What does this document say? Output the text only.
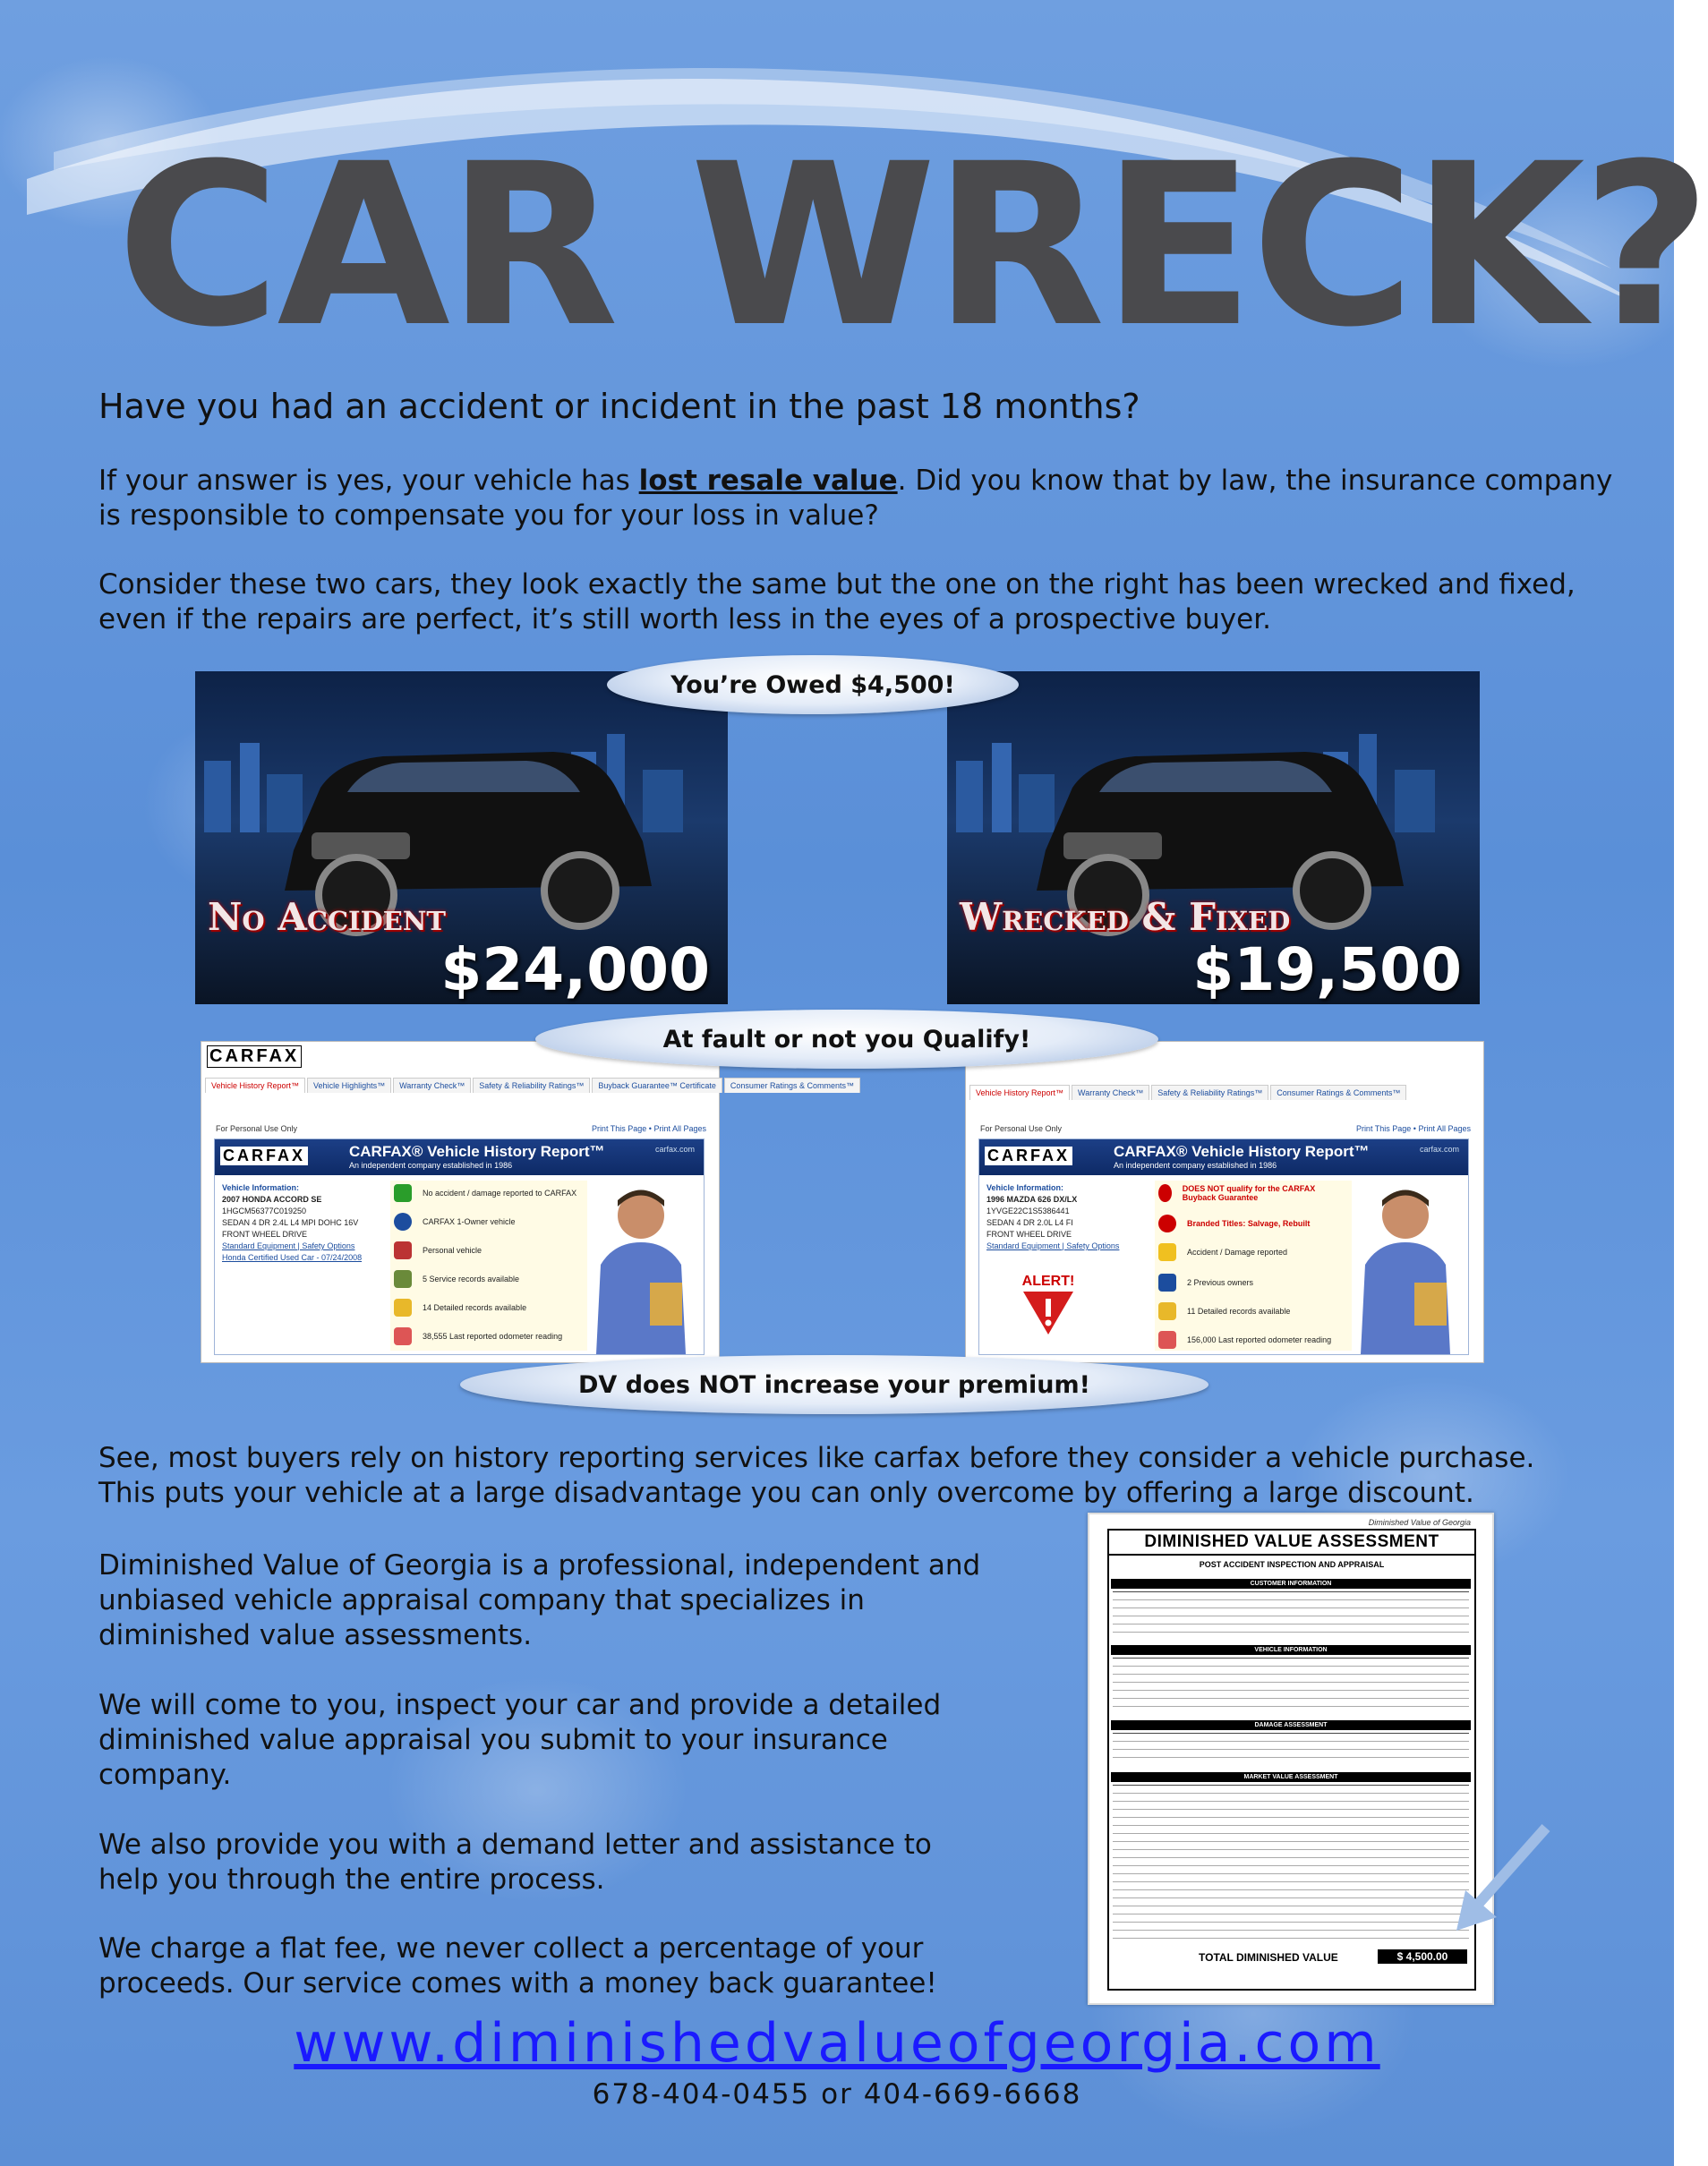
CAR WRECK?
Have you had an accident or incident in the past 18 months?
If your answer is yes, your vehicle has lost resale value. Did you know that by law, the insurance company
is responsible to compensate you for your loss in value?
Consider these two cars, they look exactly the same but the one on the right has been wrecked and fixed,
even if the repairs are perfect, it’s still worth less in the eyes of a prospective buyer.
No Accident
$24,000
Wrecked & Fixed
$19,500
You’re Owed $4,500!
CARFAX
Vehicle History Report™	Vehicle Highlights™	Warranty Check™	Safety & Reliability Ratings™	Buyback Guarantee™ Certificate	Consumer Ratings & Comments™
For Personal Use Only	Print This Page • Print All Pages
CARFAX	CARFAX® Vehicle History Report™
An independent company established in 1986
carfax.com
Vehicle Information:
2007 HONDA ACCORD SE
1HGCM56377C019250
SEDAN 4 DR 2.4L L4 MPI DOHC 16V
FRONT WHEEL DRIVE
Standard Equipment | Safety Options
Honda Certified Used Car - 07/24/2008
No accident / damage reported to CARFAX
CARFAX 1-Owner vehicle
Personal vehicle
5 Service records available
14 Detailed records available
38,555 Last reported odometer reading
Vehicle History Report™	Warranty Check™	Safety & Reliability Ratings™	Consumer Ratings & Comments™
For Personal Use Only	Print This Page • Print All Pages
CARFAX	CARFAX® Vehicle History Report™
An independent company established in 1986
carfax.com
Vehicle Information:
1996 MAZDA 626 DX/LX
1YVGE22C1S5386441
SEDAN 4 DR 2.0L L4 FI
FRONT WHEEL DRIVE
Standard Equipment | Safety Options
ALERT!
DOES NOT qualify for the CARFAX Buyback Guarantee
Branded Titles: Salvage, Rebuilt
Accident / Damage reported
2 Previous owners
11 Detailed records available
156,000 Last reported odometer reading
At fault or not you Qualify!
DV does NOT increase your premium!
See, most buyers rely on history reporting services like carfax before they consider a vehicle purchase.
This puts your vehicle at a large disadvantage you can only overcome by offering a large discount.
Diminished Value of Georgia is a professional, independent and
unbiased vehicle appraisal company that specializes in
diminished value assessments.
We will come to you, inspect your car and provide a detailed
diminished value appraisal you submit to your insurance
company.
We also provide you with a demand letter and assistance to
help you through the entire process.
We charge a flat fee, we never collect a percentage of your
proceeds. Our service comes with a money back guarantee!
Diminished Value of Georgia
DIMINISHED VALUE ASSESSMENT
POST ACCIDENT INSPECTION AND APPRAISAL
CUSTOMER INFORMATION
VEHICLE INFORMATION
DAMAGE ASSESSMENT
MARKET VALUE ASSESSMENT
TOTAL DIMINISHED VALUE	$ 4,500.00
www.diminishedvalueofgeorgia.com
678-404-0455 or 404-669-6668
